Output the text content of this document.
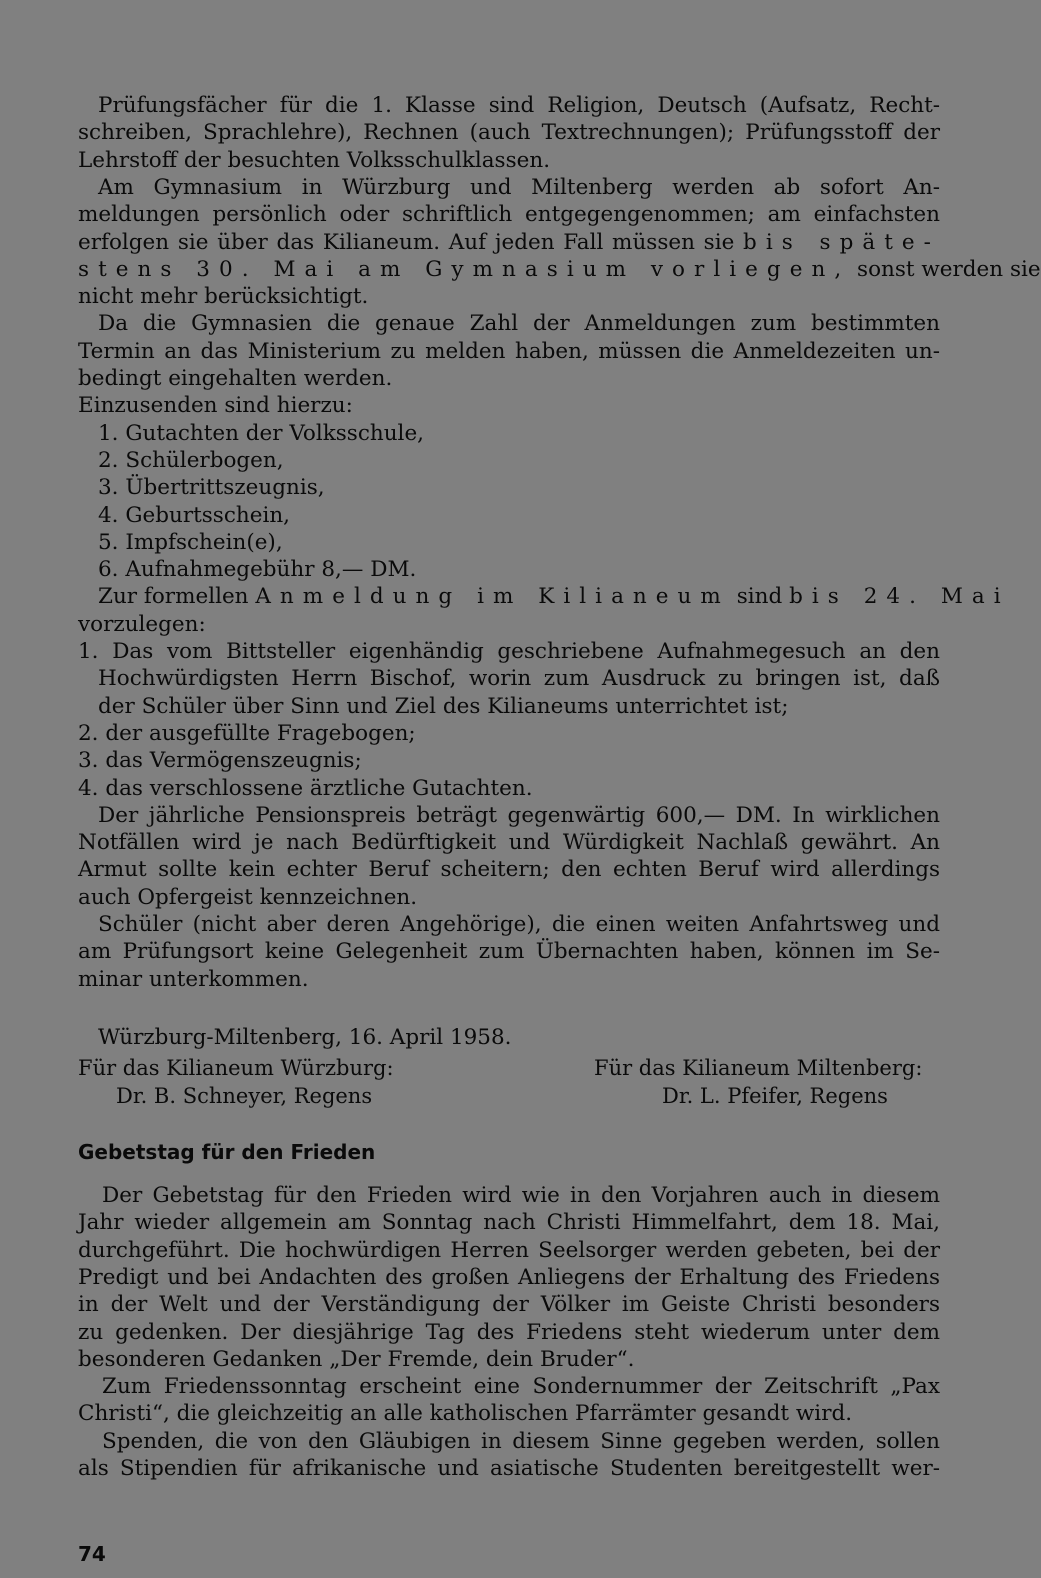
Prüfungsfächer für die 1. Klasse sind Religion, Deutsch (Aufsatz, Recht-
schreiben, Sprachlehre), Rechnen (auch Textrechnungen); Prüfungsstoff der
Lehrstoff der besuchten Volksschulklassen.
Am Gymnasium in Würzburg und Miltenberg werden ab sofort An-
meldungen persönlich oder schriftlich entgegengenommen; am einfachsten
erfolgen sie über das Kilianeum. Auf jeden Fall müssen sie bis späte-
stens 30. Mai am Gymnasium vorliegen, sonst werden sie
nicht mehr berücksichtigt.
Da die Gymnasien die genaue Zahl der Anmeldungen zum bestimmten
Termin an das Ministerium zu melden haben, müssen die Anmeldezeiten un-
bedingt eingehalten werden.
Einzusenden sind hierzu:
1. Gutachten der Volksschule,
2. Schülerbogen,
3. Übertrittszeugnis,
4. Geburtsschein,
5. Impfschein(e),
6. Aufnahmegebühr 8,— DM.
Zur formellen Anmeldung im Kilianeum sind bis 24. Mai
vorzulegen:
1. Das vom Bittsteller eigenhändig geschriebene Aufnahmegesuch an den
Hochwürdigsten Herrn Bischof, worin zum Ausdruck zu bringen ist, daß
der Schüler über Sinn und Ziel des Kilianeums unterrichtet ist;
2. der ausgefüllte Fragebogen;
3. das Vermögenszeugnis;
4. das verschlossene ärztliche Gutachten.
Der jährliche Pensionspreis beträgt gegenwärtig 600,— DM. In wirklichen
Notfällen wird je nach Bedürftigkeit und Würdigkeit Nachlaß gewährt. An
Armut sollte kein echter Beruf scheitern; den echten Beruf wird allerdings
auch Opfergeist kennzeichnen.
Schüler (nicht aber deren Angehörige), die einen weiten Anfahrtsweg und
am Prüfungsort keine Gelegenheit zum Übernachten haben, können im Se-
minar unterkommen.
Würzburg-Miltenberg, 16. April 1958.
Für das Kilianeum Würzburg:
Dr. B. Schneyer, Regens
Für das Kilianeum Miltenberg:
Dr. L. Pfeifer, Regens
Gebetstag für den Frieden
Der Gebetstag für den Frieden wird wie in den Vorjahren auch in diesem
Jahr wieder allgemein am Sonntag nach Christi Himmelfahrt, dem 18. Mai,
durchgeführt. Die hochwürdigen Herren Seelsorger werden gebeten, bei der
Predigt und bei Andachten des großen Anliegens der Erhaltung des Friedens
in der Welt und der Verständigung der Völker im Geiste Christi besonders
zu gedenken. Der diesjährige Tag des Friedens steht wiederum unter dem
besonderen Gedanken „Der Fremde, dein Bruder“.
Zum Friedenssonntag erscheint eine Sondernummer der Zeitschrift „Pax
Christi“, die gleichzeitig an alle katholischen Pfarrämter gesandt wird.
Spenden, die von den Gläubigen in diesem Sinne gegeben werden, sollen
als Stipendien für afrikanische und asiatische Studenten bereitgestellt wer-
74
